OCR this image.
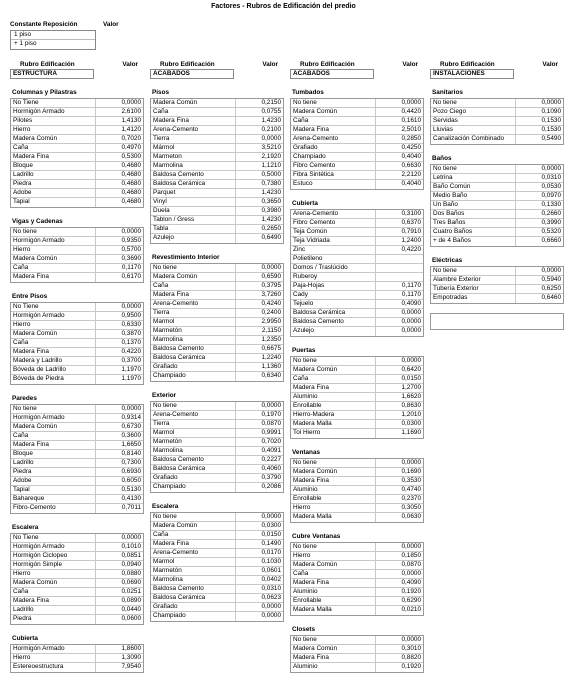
Factores - Rubros de Edificación del predio
Constante Reposición	Valor
1 piso
+ 1 piso
Rubro Edificación	Valor
ESTRUCTURA
Columnas y Pilastras
No Tiene	0,0000
Hormigón Armado	2,6100
Pilotes	1,4130
Hierro	1,4120
Madera Común	0,7020
Caña	0,4970
Madera Fina	0,5300
Bloque	0,4680
Ladrillo	0,4680
Piedra	0,4680
Adobe	0,4680
Tapial	0,4680
Vigas y Cadenas
No tiene	0,0000
Hormigón Armado	0,9350
Hierro	0,5700
Madera Común	0,3690
Caña	0,1170
Madera Fina	0,6170
Entre Pisos
No Tiene	0,0000
Hormigón Armado	0,9500
Hierro	0,6330
Madera Común	0,3870
Caña	0,1370
Madera Fina	0,4220
Madera y Ladrillo	0,3700
Bóveda de Ladrillo	1,1970
Bóveda de Piedra	1,1970
Paredes
No tiene	0,0000
Hormigón Armado	0,9314
Madera Común	0,6730
Caña	0,3600
Madera Fina	1,6650
Bloque	0,8140
Ladrillo	0,7300
Piedra	0,6930
Adobe	0,6050
Tapial	0,5130
Bahareque	0,4130
Fibro-Cemento	0,7011
Escalera
No Tiene	0,0000
Hormigón Armado	0,1010
Hormigón Ciclopeo	0,0851
Hormigón Simple	0,0940
Hierro	0,0880
Madera Común	0,0690
Caña	0,0251
Madera Fina	0,0890
Ladrillo	0,0440
Piedra	0,0600
Cubierta
Hormigón Armado	1,8600
Hierro	1,3090
Estereoestructura	7,9540
Rubro Edificación	Valor
ACABADOS
Pisos
Madera Común	0,2150
Caña	0,0755
Madera Fina	1,4230
Arena-Cemento	0,2100
Tierra	0,0000
Mármol	3,5210
Marmeton	2,1920
Marmolina	1,1210
Baldosa Cemento	0,5000
Baldosa Cerámica	0,7380
Parquet	1,4230
Vinyl	0,3650
Duela	0,3980
Tablon / Gress	1,4230
Tabla	0,2650
Azulejo	0,6490
Revestimiento Interior
No tiene	0,0000
Madera Común	0,6590
Caña	0,3795
Madera Fina	3,7260
Arena-Cemento	0,4240
Tierra	0,2400
Marmol	2,9950
Marmetón	2,1150
Marmolina	1,2350
Baldosa Cemento	0,6675
Baldosa Cerámica	1,2240
Grafiado	1,1360
Champiado	0,6340
Exterior
No tiene	0,0000
Arena-Cemento	0,1970
Tierra	0,0870
Marmol	0,9991
Marmetón	0,7020
Marmolina	0,4091
Baldosa Cemento	0,2227
Baldosa Cerámica	0,4060
Grafiado	0,3790
Champiado	0,2086
Escalera
No tiene	0,0000
Madera Común	0,0300
Caña	0,0150
Madera Fina	0,1490
Arena-Cemento	0,0170
Marmol	0,1030
Marmetón	0,0601
Marmolina	0,0402
Baldosa Cemento	0,0310
Baldosa Cerámica	0,0623
Grafiado	0,0000
Champiado	0,0000
Rubro Edificación	Valor
ACABADOS
Tumbados
No tiene	0,0000
Madera Común	0,4420
Caña	0,1610
Madera Fina	2,5010
Arena-Cemento	0,2850
Grafiado	0,4250
Champiado	0,4040
Fibro Cemento	0,6630
Fibra Sintética	2,2120
Estuco	0,4040
Cubierta
Arena-Cemento	0,3100
Fibro Cemento	0,6370
Teja Común	0,7910
Teja Vidriada	1,2400
Zinc	0,4220
Polietileno
Domos / Traslúcido
Ruberoy
Paja-Hojas	0,1170
Cady	0,1170
Tejuelo	0,4090
Baldosa Cerámica	0,0000
Baldosa Cemento	0,0000
Azulejo	0,0000
Puertas
No tiene	0,0000
Madera Común	0,6420
Caña	0,0150
Madera Fina	1,2700
Aluminio	1,6620
Enrollable	0,8630
Hierro-Madera	1,2010
Madera Malla	0,0300
Tol Hierro	1,1690
Ventanas
No tiene	0,0000
Madera Común	0,1690
Madera Fina	0,3530
Aluminio	0,4740
Enrollable	0,2370
Hierro	0,3050
Madera Malla	0,0630
Cubre Ventanas
No tiene	0,0000
Hierro	0,1850
Madera Común	0,0870
Caña	0,0000
Madera Fina	0,4090
Aluminio	0,1920
Enrollable	0,6290
Madera Malla	0,0210
Closets
No tiene	0,0000
Madera Común	0,3010
Madera Fina	0,8820
Aluminio	0,1920
Rubro Edificación	Valor
INSTALACIONES
Sanitarios
No tiene	0,0000
Pozo Ciego	0,1090
Servidas	0,1530
Lluvias	0,1530
Canalización Combinado	0,5490
Baños
No tiene	0,0000
Letrina	0,0310
Baño Común	0,0530
Medio Baño	0,0970
Un Baño	0,1330
Dos Baños	0,2660
Tres Baños	0,3990
Cuatro Baños	0,5320
+ de 4 Baños	0,6660
Eléctricas
No tiene	0,0000
Alambre Exterior	0,5940
Tubería Exterior	0,6250
Empotradas	0,6460
